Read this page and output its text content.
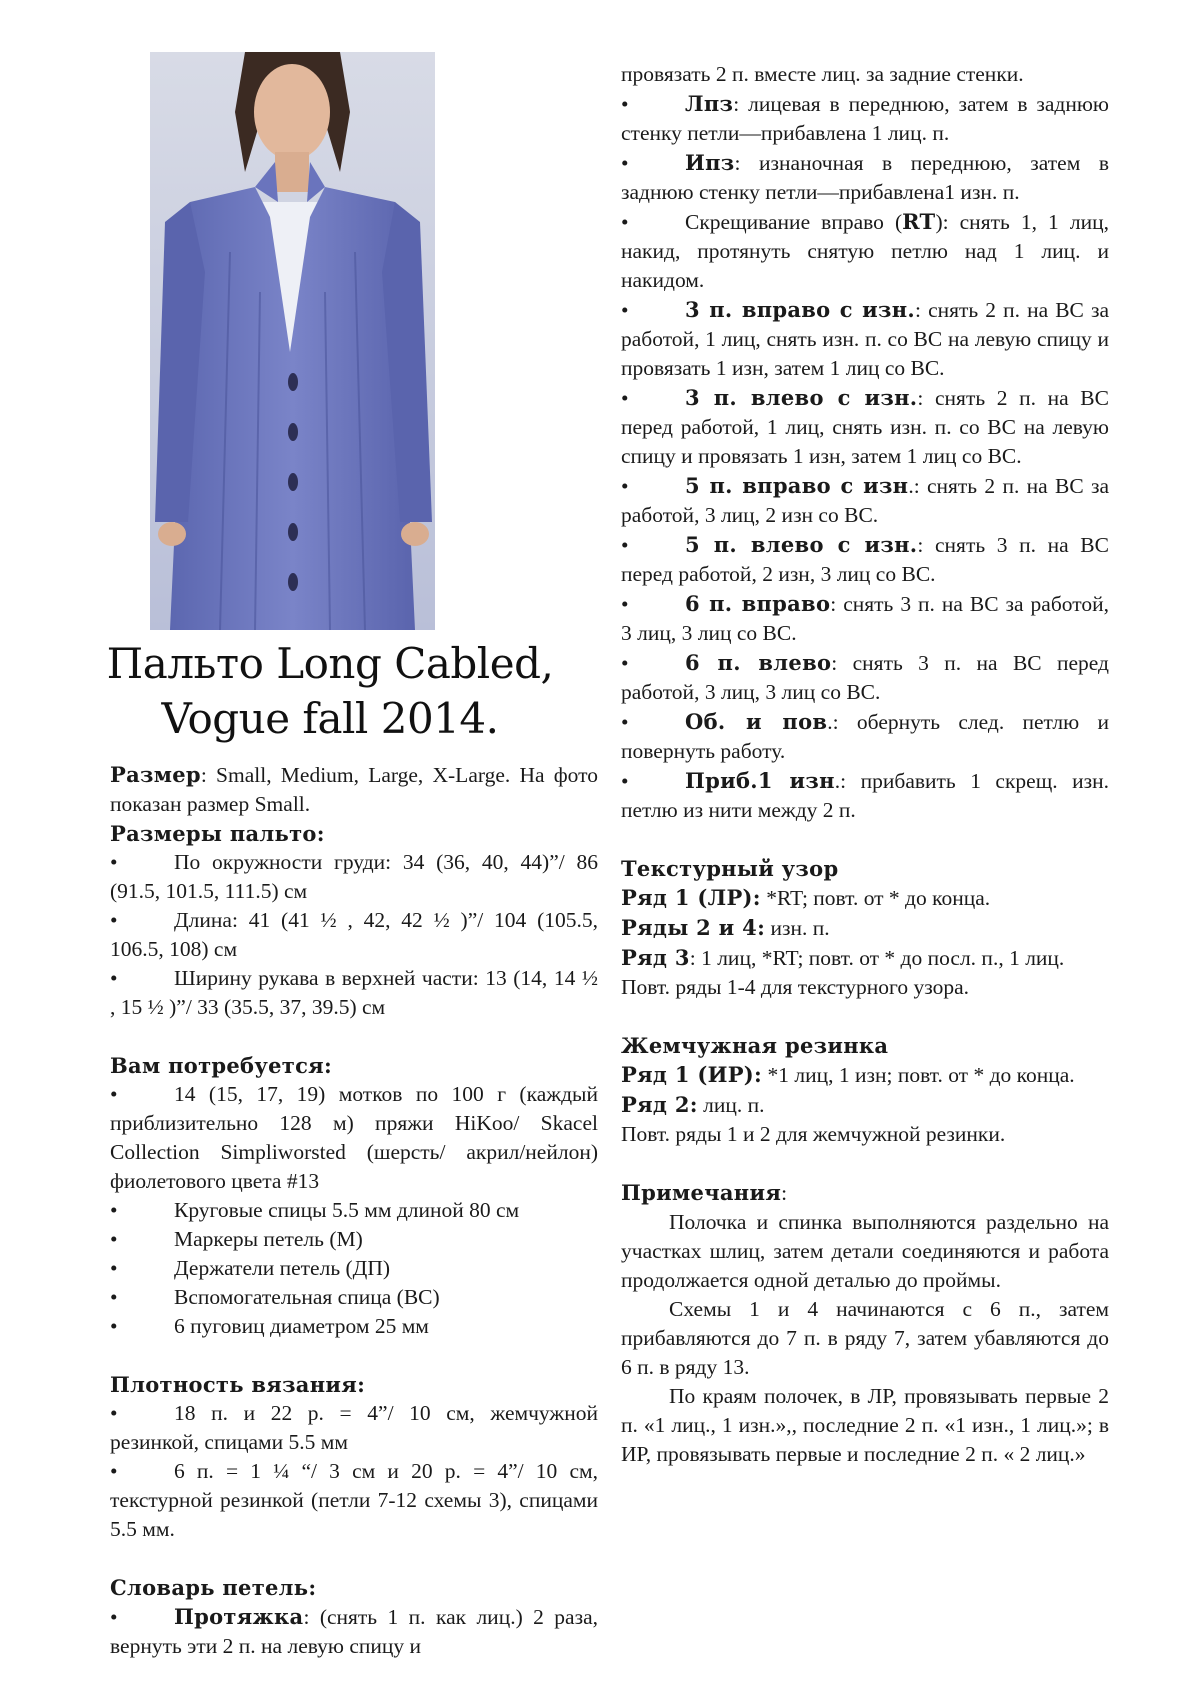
Пальто Long Cabled,
Vogue fall 2014.

Размер: Small, Medium, Large, X-Large. На фото показан размер Small.

Размеры пальто:

•	По окружности груди: 34 (36, 40, 44)”/ 86 (91.5, 101.5, 111.5) см

•	Длина: 41 (41 ½ , 42, 42 ½ )”/ 104 (105.5, 106.5, 108) см

•	Ширину рукава в верхней части: 13 (14, 14 ½ , 15 ½ )”/ 33 (35.5, 37, 39.5) см

Вам потребуется:

•	14 (15, 17, 19) мотков по 100 г (каждый приблизительно 128 м) пряжи HiKoo/ Skacel Collection Simpliworsted (шерсть/ акрил/нейлон) фиолетового цвета #13

•	Круговые спицы 5.5 мм длиной 80 см

•	Маркеры петель (М)

•	Держатели петель (ДП)

•	Вспомогательная спица (ВС)

•	6 пуговиц диаметром 25 мм

Плотность вязания:

•	18 п. и 22 р. = 4”/ 10 см, жемчужной резинкой, спицами 5.5 мм

•	6 п. = 1 ¼ “/ 3 см и 20 р. = 4”/ 10 см, текстурной резинкой (петли 7-12 схемы 3), спицами 5.5 мм.

Словарь петель:

•	Протяжка: (снять 1 п. как лиц.) 2 раза, вернуть эти 2 п. на левую спицу и

провязать 2 п. вместе лиц. за задние стенки.

•	Лпз: лицевая в переднюю, затем в заднюю стенку петли—прибавлена 1 лиц. п.

•	Ипз: изнаночная в переднюю, затем в заднюю стенку петли—прибавлена1 изн. п.

•	Скрещивание вправо (RT): снять 1, 1 лиц, накид, протянуть снятую петлю над 1 лиц. и накидом.

•	3 п. вправо с изн.: снять 2 п. на ВС за работой, 1 лиц, снять изн. п. со ВС на левую спицу и провязать 1 изн, затем 1 лиц со ВС.

•	3 п. влево с изн.: снять 2 п. на ВС перед работой, 1 лиц, снять изн. п. со ВС на левую спицу и провязать 1 изн, затем 1 лиц со ВС.

•	5 п. вправо с изн.: снять 2 п. на ВС за работой, 3 лиц, 2 изн со ВС.

•	5 п. влево с изн.: снять 3 п. на ВС перед работой, 2 изн, 3 лиц со ВС.

•	6 п. вправо: снять 3 п. на ВС за работой, 3 лиц, 3 лиц со ВС.

•	6 п. влево: снять 3 п. на ВС перед работой, 3 лиц, 3 лиц со ВС.

•	Об. и пов.: обернуть след. петлю и повернуть работу.

•	Приб.1 изн.: прибавить 1 скрещ. изн. петлю из нити между 2 п.

Текстурный узор

Ряд 1 (ЛР): *RT; повт. от * до конца.

Ряды 2 и 4: изн. п.

Ряд 3: 1 лиц, *RT; повт. от * до посл. п., 1 лиц.

Повт. ряды 1-4 для текстурного узора.

Жемчужная резинка

Ряд 1 (ИР): *1 лиц, 1 изн; повт. от * до конца.

Ряд 2: лиц. п.

Повт. ряды 1 и 2 для жемчужной резинки.

Примечания:

Полочка и спинка выполняются раздельно на участках шлиц, затем детали соединяются и работа продолжается одной деталью до проймы.

Схемы 1 и 4 начинаются с 6 п., затем прибавляются до 7 п. в ряду 7, затем убавляются до 6 п. в ряду 13.

По краям полочек, в ЛР, провязывать первые 2 п. «1 лиц., 1 изн.»,, последние 2 п. «1 изн., 1 лиц.»; в ИР, провязывать первые и последние 2 п. « 2 лиц.»
